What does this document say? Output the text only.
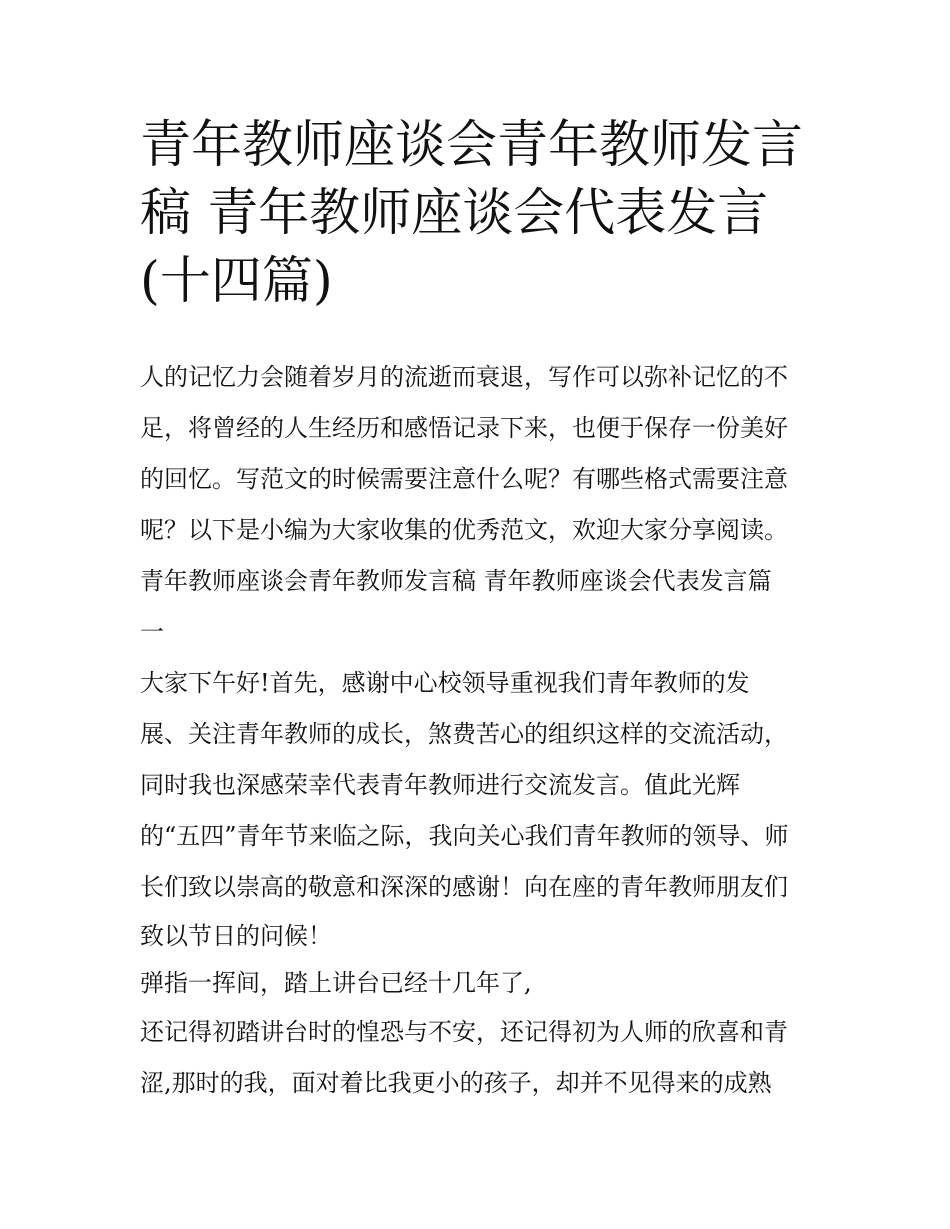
青年教师座谈会青年教师发言
稿 青年教师座谈会代表发言
(十四篇)
人的记忆力会随着岁月的流逝而衰退，写作可以弥补记忆的不
足，将曾经的人生经历和感悟记录下来，也便于保存一份美好
的回忆。写范文的时候需要注意什么呢？有哪些格式需要注意
呢？以下是小编为大家收集的优秀范文，欢迎大家分享阅读。
青年教师座谈会青年教师发言稿 青年教师座谈会代表发言篇
一
大家下午好!首先，感谢中心校领导重视我们青年教师的发
展、关注青年教师的成长，煞费苦心的组织这样的交流活动，
同时我也深感荣幸代表青年教师进行交流发言。值此光辉
的“五四”青年节来临之际，我向关心我们青年教师的领导、师
长们致以崇高的敬意和深深的感谢！向在座的青年教师朋友们
致以节日的问候！
弹指一挥间，踏上讲台已经十几年了,
还记得初踏讲台时的惶恐与不安，还记得初为人师的欣喜和青
涩,那时的我，面对着比我更小的孩子，却并不见得来的成熟
